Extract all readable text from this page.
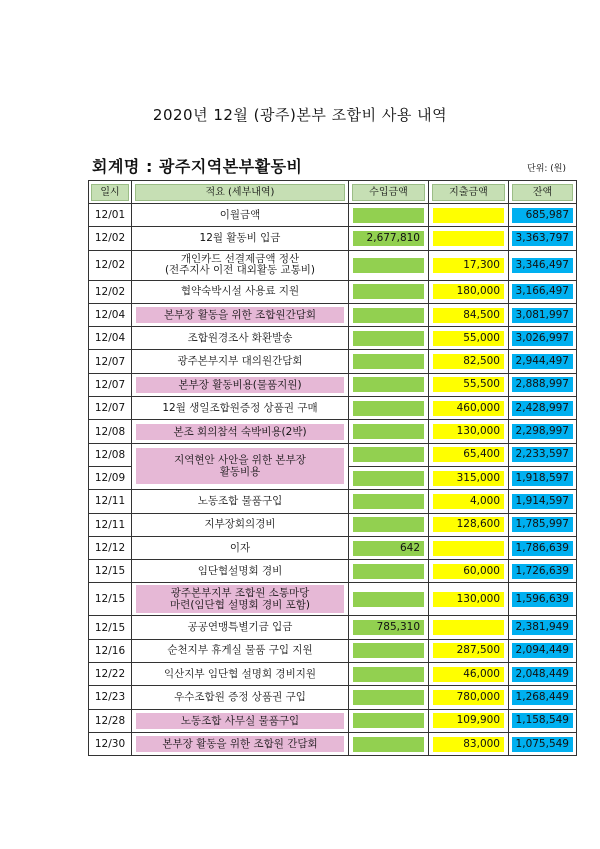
2020년 12월 (광주)본부 조합비 사용 내역
회계명 : 광주지역본부활동비	단위: (원)
일시	적요 (세부내역)	수입금액	지출금액	잔액

12/01	이월금액			685,987

12/02	12월 활동비 입금	2,677,810		3,363,797

12/02	개인카드 선결제금액 정산
(전주지사 이전 대외활동 교통비)		17,300	3,346,497

12/02	협약숙박시설 사용료 지원		180,000	3,166,497

12/04	본부장 활동을 위한 조합원간담회		84,500	3,081,997

12/04	조합원경조사 화환발송		55,000	3,026,997

12/07	광주본부지부 대의원간담회		82,500	2,944,497

12/07	본부장 활동비용(물품지원)		55,500	2,888,997

12/07	12월 생일조합원증정 상품권 구매		460,000	2,428,997

12/08	본조 회의참석 숙박비용(2박)		130,000	2,298,997

12/08	지역현안 사안을 위한 본부장
활동비용		65,400	2,233,597

12/09			315,000	1,918,597

12/11	노동조합 물품구입		4,000	1,914,597

12/11	지부장회의경비		128,600	1,785,997

12/12	이자	642		1,786,639

12/15	임단협설명회 경비		60,000	1,726,639

12/15	광주본부지부 조합원 소통마당
마련(임단협 설명회 경비 포함)		130,000	1,596,639

12/15	공공연맹특별기금 입금	785,310		2,381,949

12/16	순천지부 휴게실 물품 구입 지원		287,500	2,094,449

12/22	익산지부 임단협 설명회 경비지원		46,000	2,048,449

12/23	우수조합원 증정 상품권 구입		780,000	1,268,449

12/28	노동조합 사무실 물품구입		109,900	1,158,549

12/30	본부장 활동을 위한 조합원 간담회		83,000	1,075,549
